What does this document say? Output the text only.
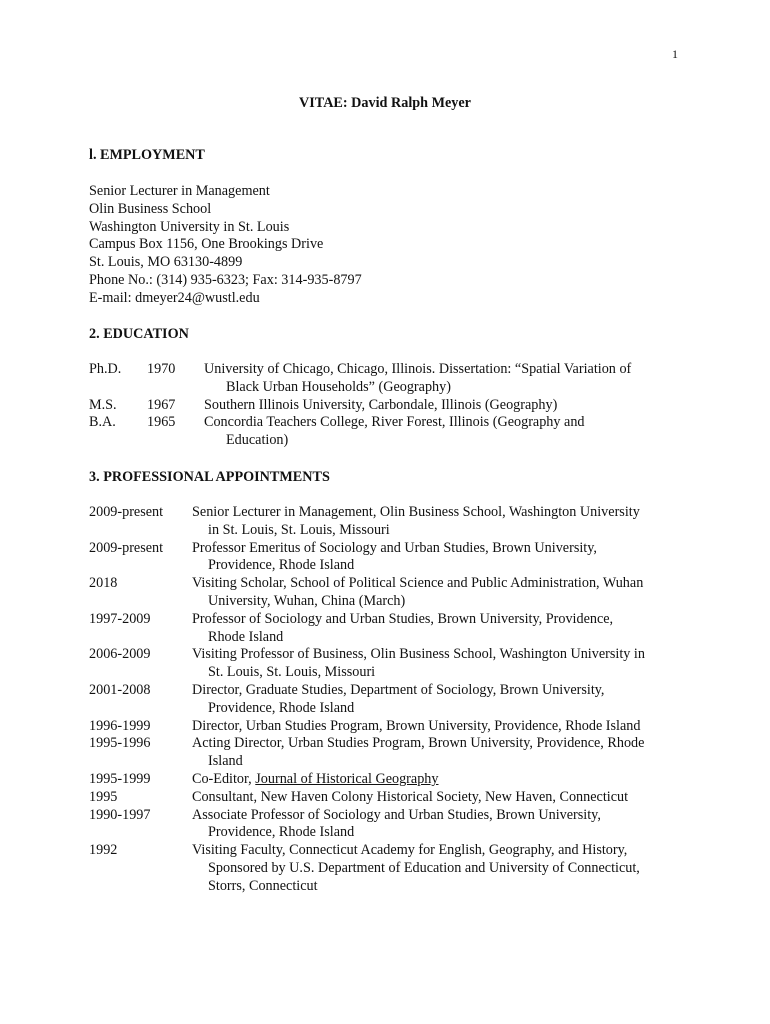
1
VITAE: David Ralph Meyer
l. EMPLOYMENT
Senior Lecturer in Management
Olin Business School
Washington University in St. Louis
Campus Box 1156, One Brookings Drive
St. Louis, MO 63130-4899
Phone No.: (314) 935-6323; Fax: 314-935-8797
E-mail: dmeyer24@wustl.edu
2. EDUCATION
Ph.D.	1970	University of Chicago, Chicago, Illinois. Dissertation: “Spatial Variation of
Black Urban Households” (Geography)
M.S.	1967	Southern Illinois University, Carbondale, Illinois (Geography)
B.A.	1965	Concordia Teachers College, River Forest, Illinois (Geography and
Education)
3. PROFESSIONAL APPOINTMENTS
2009-present	Senior Lecturer in Management, Olin Business School, Washington University
in St. Louis, St. Louis, Missouri
2009-present	Professor Emeritus of Sociology and Urban Studies, Brown University,
Providence, Rhode Island
2018	Visiting Scholar, School of Political Science and Public Administration, Wuhan
University, Wuhan, China (March)
1997-2009	Professor of Sociology and Urban Studies, Brown University, Providence,
Rhode Island
2006-2009	Visiting Professor of Business, Olin Business School, Washington University in
St. Louis, St. Louis, Missouri
2001-2008	Director, Graduate Studies, Department of Sociology, Brown University,
Providence, Rhode Island
1996-1999	Director, Urban Studies Program, Brown University, Providence, Rhode Island
1995-1996	Acting Director, Urban Studies Program, Brown University, Providence, Rhode
Island
1995-1999	Co-Editor, Journal of Historical Geography
1995	Consultant, New Haven Colony Historical Society, New Haven, Connecticut
1990-1997	Associate Professor of Sociology and Urban Studies, Brown University,
Providence, Rhode Island
1992	Visiting Faculty, Connecticut Academy for English, Geography, and History,
Sponsored by U.S. Department of Education and University of Connecticut,
Storrs, Connecticut
